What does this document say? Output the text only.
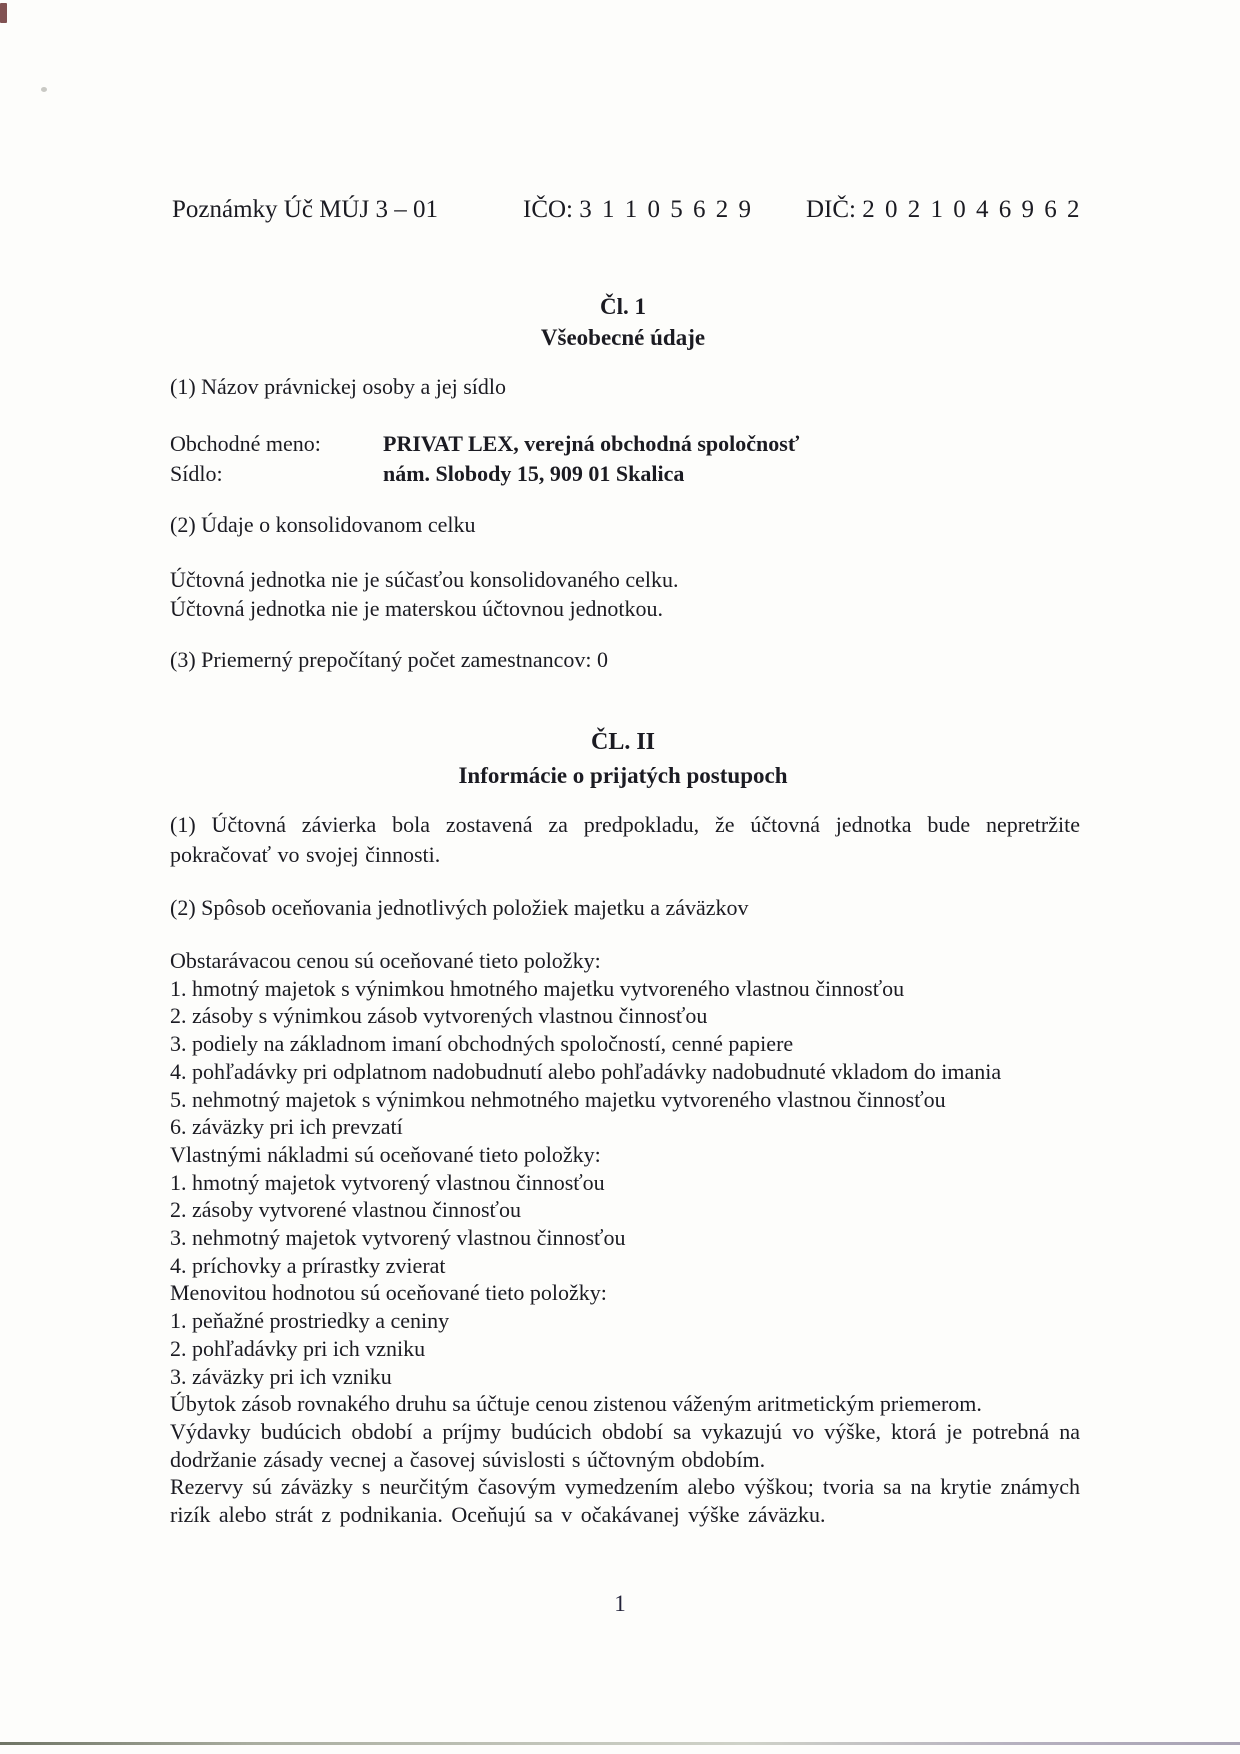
Poznámky Úč MÚJ 3 – 01	IČO: 3 1 1 0 5 6 2 9 DIČ: 2 0 2 1 0 4 6 9 6 2
Čl. 1
Všeobecné údaje
(1) Názov právnickej osoby a jej sídlo
Obchodné meno:	PRIVAT LEX, verejná obchodná spoločnosť
Sídlo:	nám. Slobody 15, 909 01 Skalica
(2) Údaje o konsolidovanom celku
Účtovná jednotka nie je súčasťou konsolidovaného celku.
Účtovná jednotka nie je materskou účtovnou jednotkou.
(3) Priemerný prepočítaný počet zamestnancov: 0
ČL. II
Informácie o prijatých postupoch
(1) Účtovná závierka bola zostavená za predpokladu, že účtovná jednotka bude nepretržite pokračovať vo svojej činnosti.
(2) Spôsob oceňovania jednotlivých položiek majetku a záväzkov

Obstarávacou cenou sú oceňované tieto položky:

1. hmotný majetok s výnimkou hmotného majetku vytvoreného vlastnou činnosťou
2. zásoby s výnimkou zásob vytvorených vlastnou činnosťou
3. podiely na základnom imaní obchodných spoločností, cenné papiere
4. pohľadávky pri odplatnom nadobudnutí alebo pohľadávky nadobudnuté vkladom do imania
5. nehmotný majetok s výnimkou nehmotného majetku vytvoreného vlastnou činnosťou
6. záväzky pri ich prevzatí

Vlastnými nákladmi sú oceňované tieto položky:

1. hmotný majetok vytvorený vlastnou činnosťou
2. zásoby vytvorené vlastnou činnosťou
3. nehmotný majetok vytvorený vlastnou činnosťou
4. príchovky a prírastky zvierat

Menovitou hodnotou sú oceňované tieto položky:

1. peňažné prostriedky a ceniny
2. pohľadávky pri ich vzniku
3. záväzky pri ich vzniku

Úbytok zásob rovnakého druhu sa účtuje cenou zistenou váženým aritmetickým priemerom.

Výdavky budúcich období a príjmy budúcich období sa vykazujú vo výške, ktorá je potrebná na dodržanie zásady vecnej a časovej súvislosti s účtovným obdobím.

Rezervy sú záväzky s neurčitým časovým vymedzením alebo výškou; tvoria sa na krytie známych rizík alebo strát z podnikania. Oceňujú sa v očakávanej výške záväzku.

1
